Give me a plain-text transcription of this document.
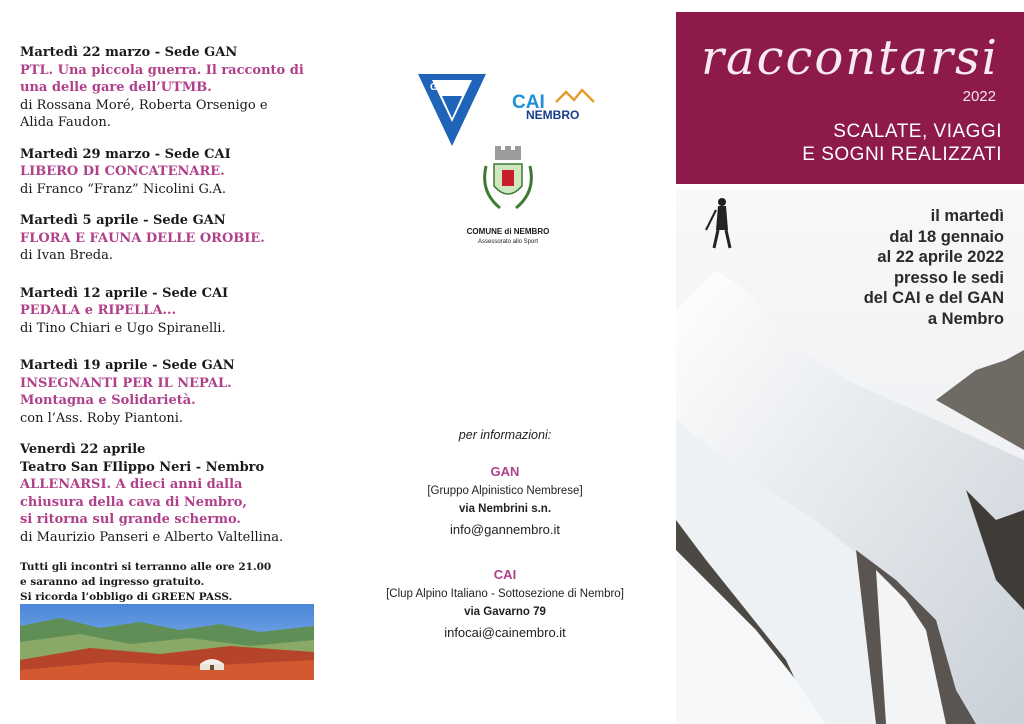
Martedì 22 marzo - Sede GAN
PTL. Una piccola guerra. Il racconto di
una delle gare dell’UTMB.
di Rossana Moré, Roberta Orsenigo e
Alida Faudon.
Martedì 29 marzo - Sede CAI
LIBERO DI CONCATENARE.
di Franco “Franz” Nicolini G.A.
Martedì 5 aprile - Sede GAN
FLORA E FAUNA DELLE OROBIE.
di Ivan Breda.
Martedì 12 aprile - Sede CAI
PEDALA e RIPELLA...
di Tino Chiari e Ugo Spiranelli.
Martedì 19 aprile - Sede GAN
INSEGNANTI PER IL NEPAL.
Montagna e Solidarietà.
con l’Ass. Roby Piantoni.
Venerdì 22 aprile
Teatro San FIlippo Neri - Nembro
ALLENARSI. A dieci anni dalla
chiusura della cava di Nembro,
si ritorna sul grande schermo.
di Maurizio Panseri e Alberto Valtellina.
Tutti gli incontri si terranno alle ore 21.00
e saranno ad ingresso gratuito.
Si ricorda l’obbligo di GREEN PASS.
GAN
CAI
NEMBRO
COMUNE di NEMBRO
Assessorato allo Sport
per informazioni:
GAN
[Gruppo Alpinistico Nembrese]
via Nembrini s.n.
info@gannembro.it
CAI
[Clup Alpino Italiano - Sottosezione di Nembro]
via Gavarno 79
infocai@cainembro.it
raccontarsi
2022
SCALATE, VIAGGI
E SOGNI REALIZZATI
il martedì
dal 18 gennaio
al 22 aprile 2022
presso le sedi
del CAI e del GAN
a Nembro
